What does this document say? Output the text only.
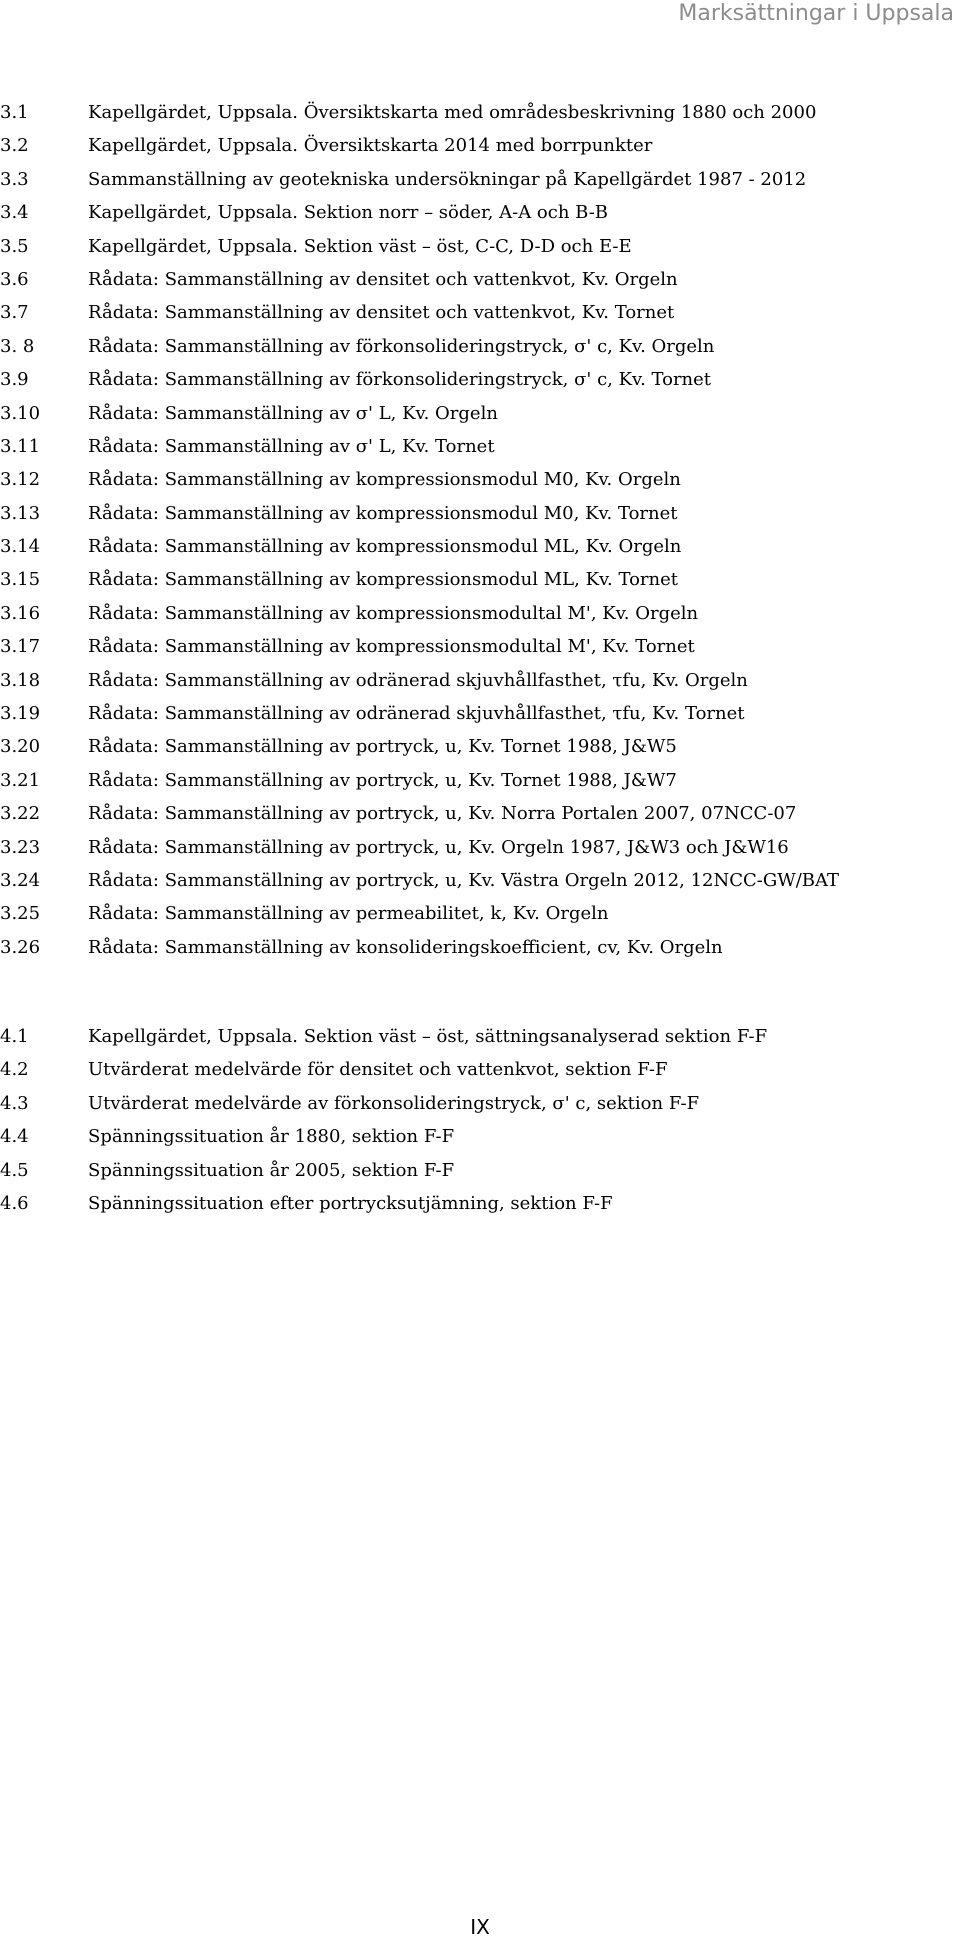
Marksättningar i Uppsala
3.1	Kapellgärdet, Uppsala. Översiktskarta med områdesbeskrivning 1880 och 2000
3.2	Kapellgärdet, Uppsala. Översiktskarta 2014 med borrpunkter
3.3	Sammanställning av geotekniska undersökningar på Kapellgärdet 1987 - 2012
3.4	Kapellgärdet, Uppsala. Sektion norr – söder, A-A och B-B
3.5	Kapellgärdet, Uppsala. Sektion väst – öst, C-C, D-D och E-E
3.6	Rådata: Sammanställning av densitet och vattenkvot, Kv. Orgeln
3.7	Rådata: Sammanställning av densitet och vattenkvot, Kv. Tornet
3. 8	Rådata: Sammanställning av förkonsolideringstryck, σ' c, Kv. Orgeln
3.9	Rådata: Sammanställning av förkonsolideringstryck, σ' c, Kv. Tornet
3.10	Rådata: Sammanställning av σ' L, Kv. Orgeln
3.11	Rådata: Sammanställning av σ' L, Kv. Tornet
3.12	Rådata: Sammanställning av kompressionsmodul M0, Kv. Orgeln
3.13	Rådata: Sammanställning av kompressionsmodul M0, Kv. Tornet
3.14	Rådata: Sammanställning av kompressionsmodul ML, Kv. Orgeln
3.15	Rådata: Sammanställning av kompressionsmodul ML, Kv. Tornet
3.16	Rådata: Sammanställning av kompressionsmodultal M', Kv. Orgeln
3.17	Rådata: Sammanställning av kompressionsmodultal M', Kv. Tornet
3.18	Rådata: Sammanställning av odränerad skjuvhållfasthet, τfu, Kv. Orgeln
3.19	Rådata: Sammanställning av odränerad skjuvhållfasthet, τfu, Kv. Tornet
3.20	Rådata: Sammanställning av portryck, u, Kv. Tornet 1988, J&W5
3.21	Rådata: Sammanställning av portryck, u, Kv. Tornet 1988, J&W7
3.22	Rådata: Sammanställning av portryck, u, Kv. Norra Portalen 2007, 07NCC-07
3.23	Rådata: Sammanställning av portryck, u, Kv. Orgeln 1987, J&W3 och J&W16
3.24	Rådata: Sammanställning av portryck, u, Kv. Västra Orgeln 2012, 12NCC-GW/BAT
3.25	Rådata: Sammanställning av permeabilitet, k, Kv. Orgeln
3.26	Rådata: Sammanställning av konsolideringskoefficient, cv, Kv. Orgeln
4.1	Kapellgärdet, Uppsala. Sektion väst – öst, sättningsanalyserad sektion F-F
4.2	Utvärderat medelvärde för densitet och vattenkvot, sektion F-F
4.3	Utvärderat medelvärde av förkonsolideringstryck, σ' c, sektion F-F
4.4	Spänningssituation år 1880, sektion F-F
4.5	Spänningssituation år 2005, sektion F-F
4.6	Spänningssituation efter portrycksutjämning, sektion F-F
IX
